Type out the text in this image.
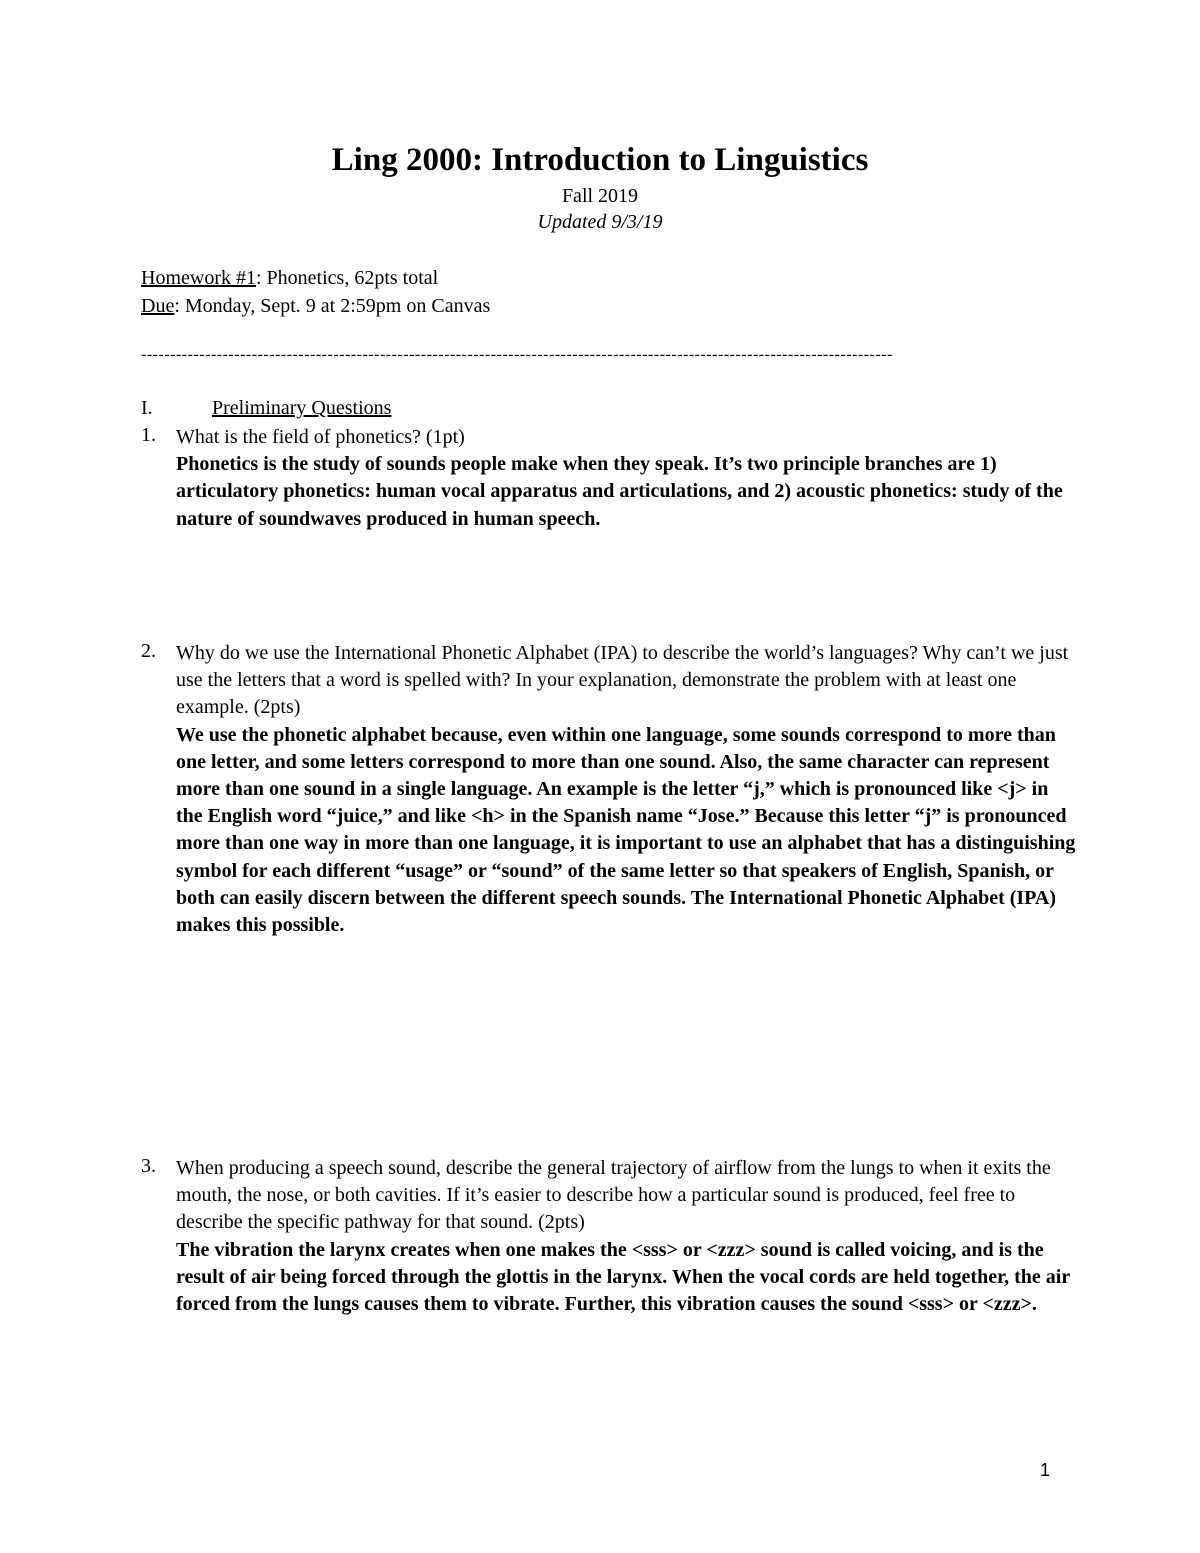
Ling 2000: Introduction to Linguistics
Fall 2019
Updated 9/3/19
Homework #1: Phonetics, 62pts total
Due: Monday, Sept. 9 at 2:59pm on Canvas
---------------------------------------------------------------------------------------------------------------------------------
I.	Preliminary Questions
1. What is the field of phonetics? (1pt)
Phonetics is the study of sounds people make when they speak. It’s two principle branches are 1) articulatory phonetics: human vocal apparatus and articulations, and 2) acoustic phonetics: study of the nature of soundwaves produced in human speech.
2. Why do we use the International Phonetic Alphabet (IPA) to describe the world’s languages? Why can’t we just use the letters that a word is spelled with? In your explanation, demonstrate the problem with at least one example. (2pts)
We use the phonetic alphabet because, even within one language, some sounds correspond to more than one letter, and some letters correspond to more than one sound. Also, the same character can represent more than one sound in a single language. An example is the letter “j,” which is pronounced like <j> in the English word “juice,” and like <h> in the Spanish name “Jose.” Because this letter “j” is pronounced more than one way in more than one language, it is important to use an alphabet that has a distinguishing symbol for each different “usage” or “sound” of the same letter so that speakers of English, Spanish, or both can easily discern between the different speech sounds. The International Phonetic Alphabet (IPA) makes this possible.
3. When producing a speech sound, describe the general trajectory of airflow from the lungs to when it exits the mouth, the nose, or both cavities. If it’s easier to describe how a particular sound is produced, feel free to describe the specific pathway for that sound. (2pts)
The vibration the larynx creates when one makes the <sss> or <zzz> sound is called voicing, and is the result of air being forced through the glottis in the larynx. When the vocal cords are held together, the air forced from the lungs causes them to vibrate. Further, this vibration causes the sound <sss> or <zzz>.
1
